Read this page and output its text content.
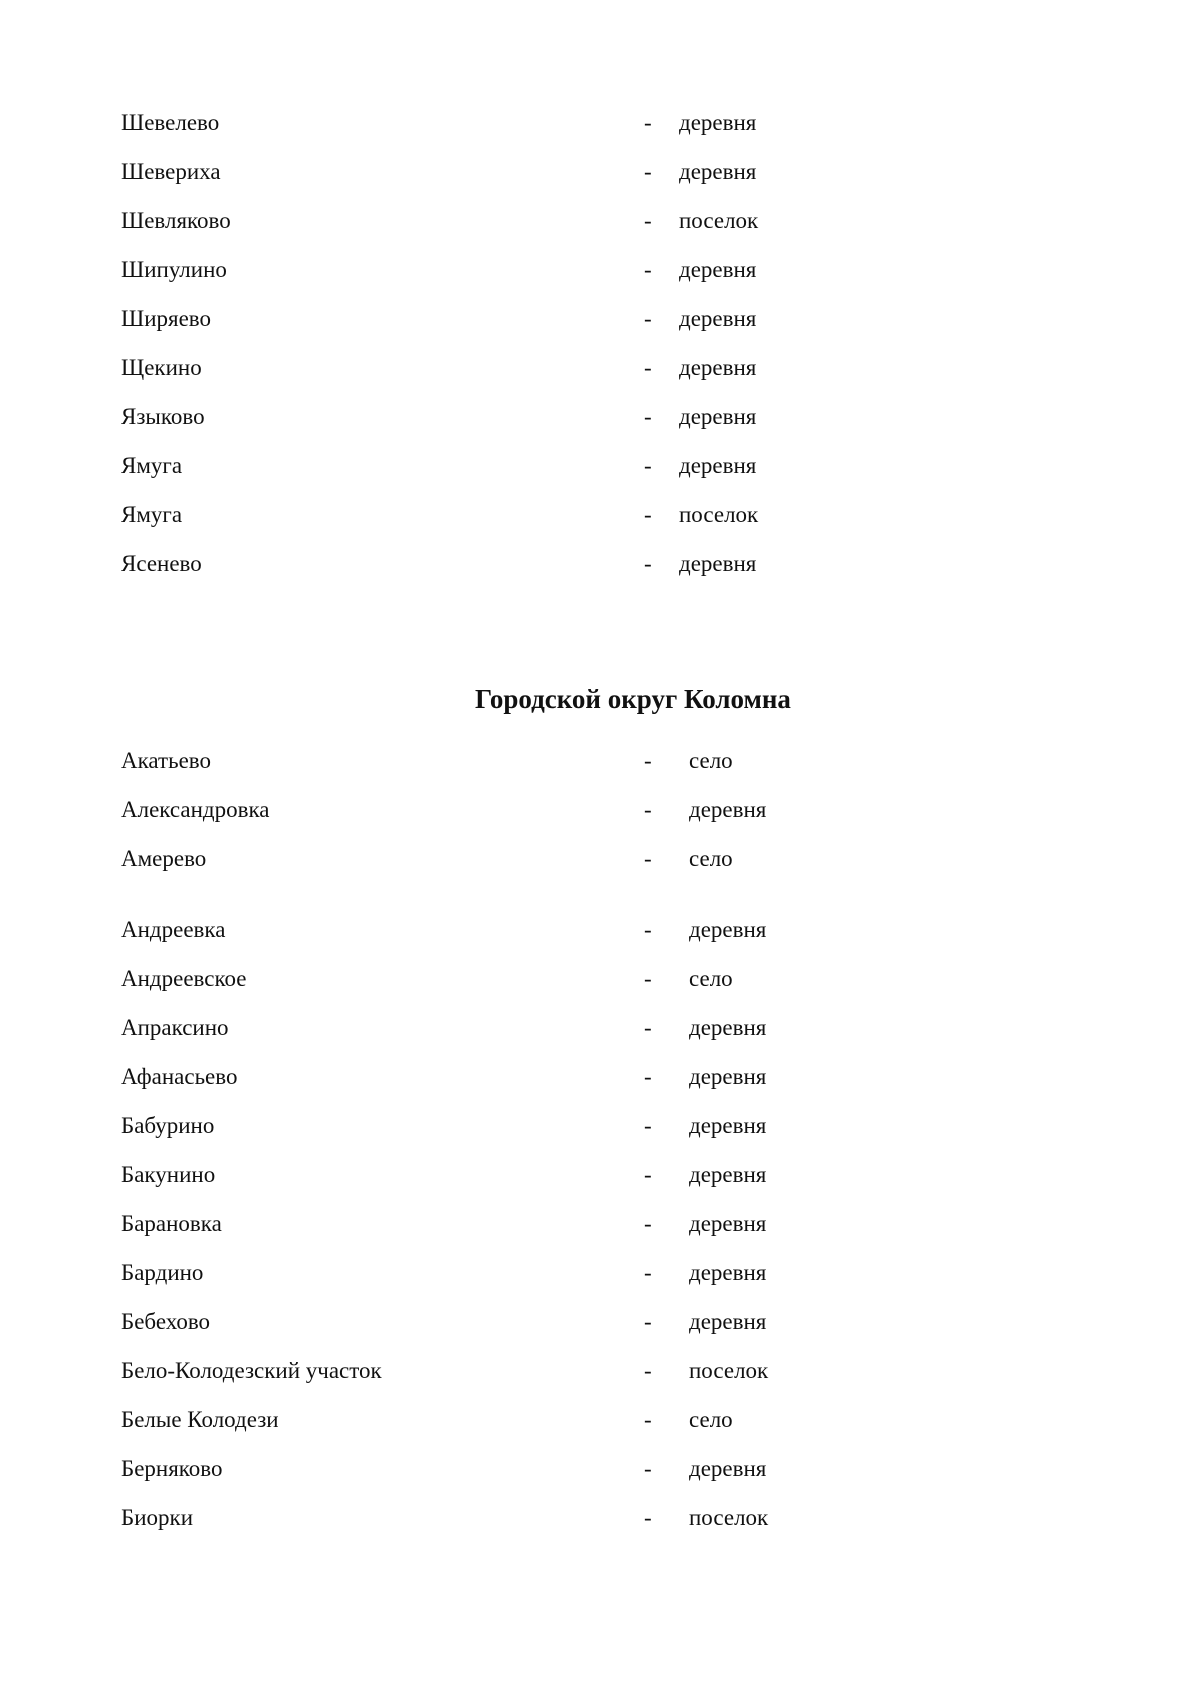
Шевелево	- деревня
Шевериха	- деревня
Шевляково	- поселок
Шипулино	- деревня
Ширяево	- деревня
Щекино	- деревня
Языково	- деревня
Ямуга	- деревня
Ямуга	- поселок
Ясенево	- деревня
Городской округ Коломна
Акатьево	- село
Александровка	- деревня
Амерево	- село
Андреевка	- деревня
Андреевское	- село
Апраксино	- деревня
Афанасьево	- деревня
Бабурино	- деревня
Бакунино	- деревня
Барановка	- деревня
Бардино	- деревня
Бебехово	- деревня
Бело-Колодезский участок	- поселок
Белые Колодези	- село
Берняково	- деревня
Биорки	- поселок
